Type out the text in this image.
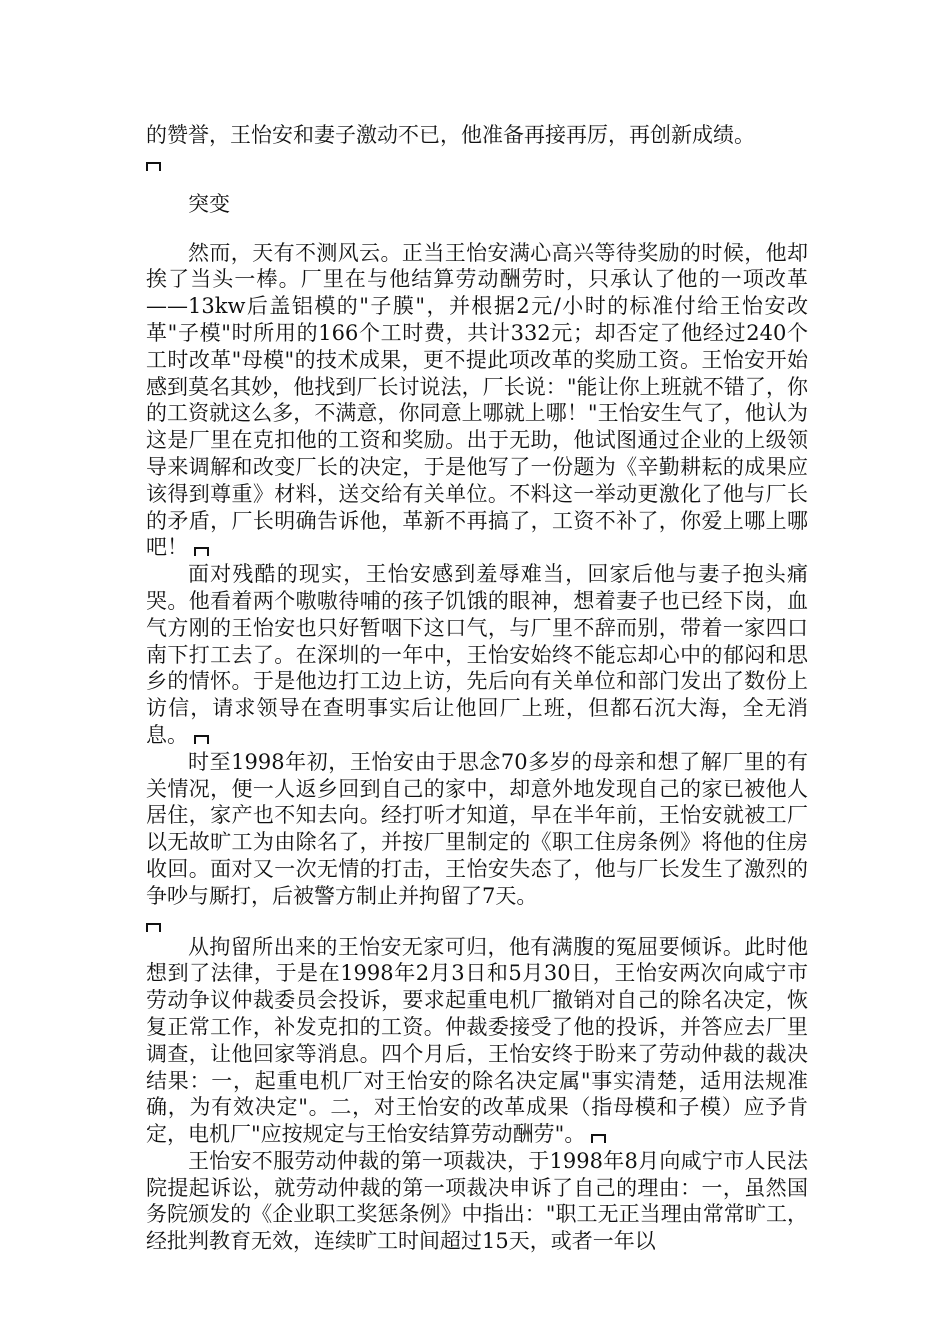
的赞誉，王怡安和妻子激动不已，他准备再接再厉，再创新成绩。

突变

然而，天有不测风云。正当王怡安满心高兴等待奖励的时候，他却挨了当头一棒。厂里在与他结算劳动酬劳时，只承认了他的一项改革——13kw后盖铝模的"子膜"，并根据2元/小时的标准付给王怡安改革"子模"时所用的166个工时费，共计332元；却否定了他经过240个工时改革"母模"的技术成果，更不提此项改革的奖励工资。王怡安开始感到莫名其妙，他找到厂长讨说法，厂长说："能让你上班就不错了，你的工资就这么多，不满意，你同意上哪就上哪！"王怡安生气了，他认为这是厂里在克扣他的工资和奖励。出于无助，他试图通过企业的上级领导来调解和改变厂长的决定，于是他写了一份题为《辛勤耕耘的成果应该得到尊重》材料，送交给有关单位。不料这一举动更激化了他与厂长的矛盾，厂长明确告诉他，革新不再搞了，工资不补了，你爱上哪上哪吧！

面对残酷的现实，王怡安感到羞辱难当，回家后他与妻子抱头痛哭。他看着两个嗷嗷待哺的孩子饥饿的眼神，想着妻子也已经下岗，血气方刚的王怡安也只好暂咽下这口气，与厂里不辞而别，带着一家四口南下打工去了。在深圳的一年中，王怡安始终不能忘却心中的郁闷和思乡的情怀。于是他边打工边上访，先后向有关单位和部门发出了数份上访信，请求领导在查明事实后让他回厂上班，但都石沉大海，全无消息。

时至1998年初，王怡安由于思念70多岁的母亲和想了解厂里的有关情况，便一人返乡回到自己的家中，却意外地发现自己的家已被他人居住，家产也不知去向。经打听才知道，早在半年前，王怡安就被工厂以无故旷工为由除名了，并按厂里制定的《职工住房条例》将他的住房收回。面对又一次无情的打击，王怡安失态了，他与厂长发生了激烈的争吵与厮打，后被警方制止并拘留了7天。

从拘留所出来的王怡安无家可归，他有满腹的冤屈要倾诉。此时他想到了法律，于是在1998年2月3日和5月30日，王怡安两次向咸宁市劳动争议仲裁委员会投诉，要求起重电机厂撤销对自己的除名决定，恢复正常工作，补发克扣的工资。仲裁委接受了他的投诉，并答应去厂里调查，让他回家等消息。四个月后，王怡安终于盼来了劳动仲裁的裁决结果：一，起重电机厂对王怡安的除名决定属"事实清楚，适用法规准确，为有效决定"。二，对王怡安的改革成果（指母模和子模）应予肯定，电机厂"应按规定与王怡安结算劳动酬劳"。

王怡安不服劳动仲裁的第一项裁决，于1998年8月向咸宁市人民法院提起诉讼，就劳动仲裁的第一项裁决申诉了自己的理由：一，虽然国务院颁发的《企业职工奖惩条例》中指出："职工无正当理由常常旷工，经批判教育无效，连续旷工时间超过15天，或者一年以
